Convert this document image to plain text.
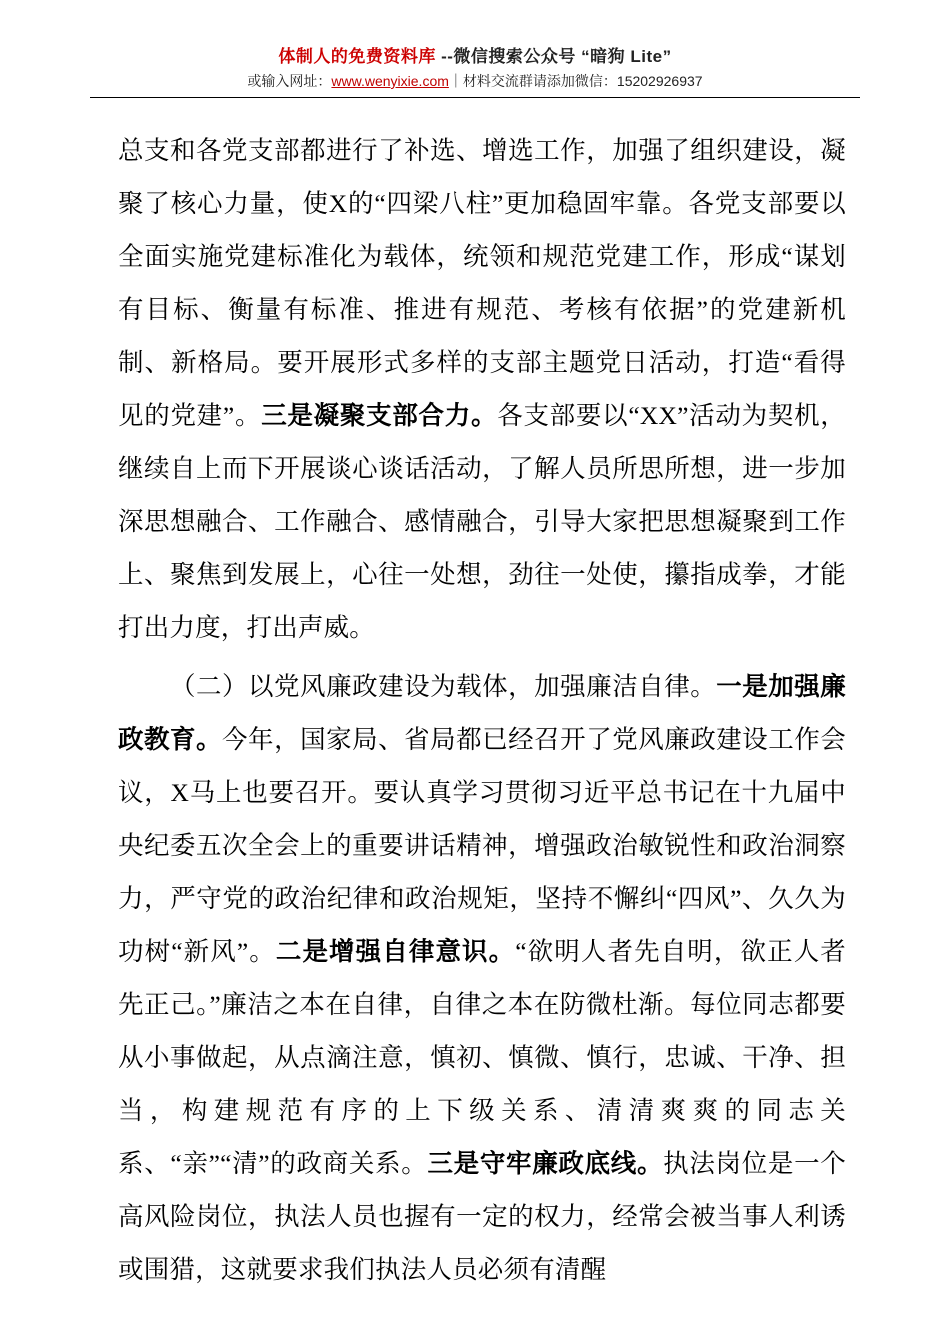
体制人的免费资料库 --微信搜索公众号 “暗狗 Lite”
或输入网址：www.wenyixie.com｜材料交流群请添加微信：15202926937

总支和各党支部都进行了补选、增选工作，加强了组织建设，凝聚了核心力量，使X的“四梁八柱”更加稳固牢靠。各党支部要以全面实施党建标准化为载体，统领和规范党建工作，形成“谋划有目标、衡量有标准、推进有规范、考核有依据”的党建新机制、新格局。要开展形式多样的支部主题党日活动，打造“看得见的党建”。三是凝聚支部合力。各支部要以“XX”活动为契机，继续自上而下开展谈心谈话活动，了解人员所思所想，进一步加深思想融合、工作融合、感情融合，引导大家把思想凝聚到工作上、聚焦到发展上，心往一处想，劲往一处使，攥指成拳，才能打出力度，打出声威。

（二）以党风廉政建设为载体，加强廉洁自律。一是加强廉政教育。今年，国家局、省局都已经召开了党风廉政建设工作会议，X马上也要召开。要认真学习贯彻习近平总书记在十九届中央纪委五次全会上的重要讲话精神，增强政治敏锐性和政治洞察力，严守党的政治纪律和政治规矩，坚持不懈纠“四风”、久久为功树“新风”。二是增强自律意识。“欲明人者先自明，欲正人者先正己。”廉洁之本在自律，自律之本在防微杜渐。每位同志都要从小事做起，从点滴注意，慎初、慎微、慎行，忠诚、干净、担当，构建规范有序的上下级关系、清清爽爽的同志关系、“亲”“清”的政商关系。三是守牢廉政底线。执法岗位是一个高风险岗位，执法人员也握有一定的权力，经常会被当事人利诱或围猎，这就要求我们执法人员必须有清醒
